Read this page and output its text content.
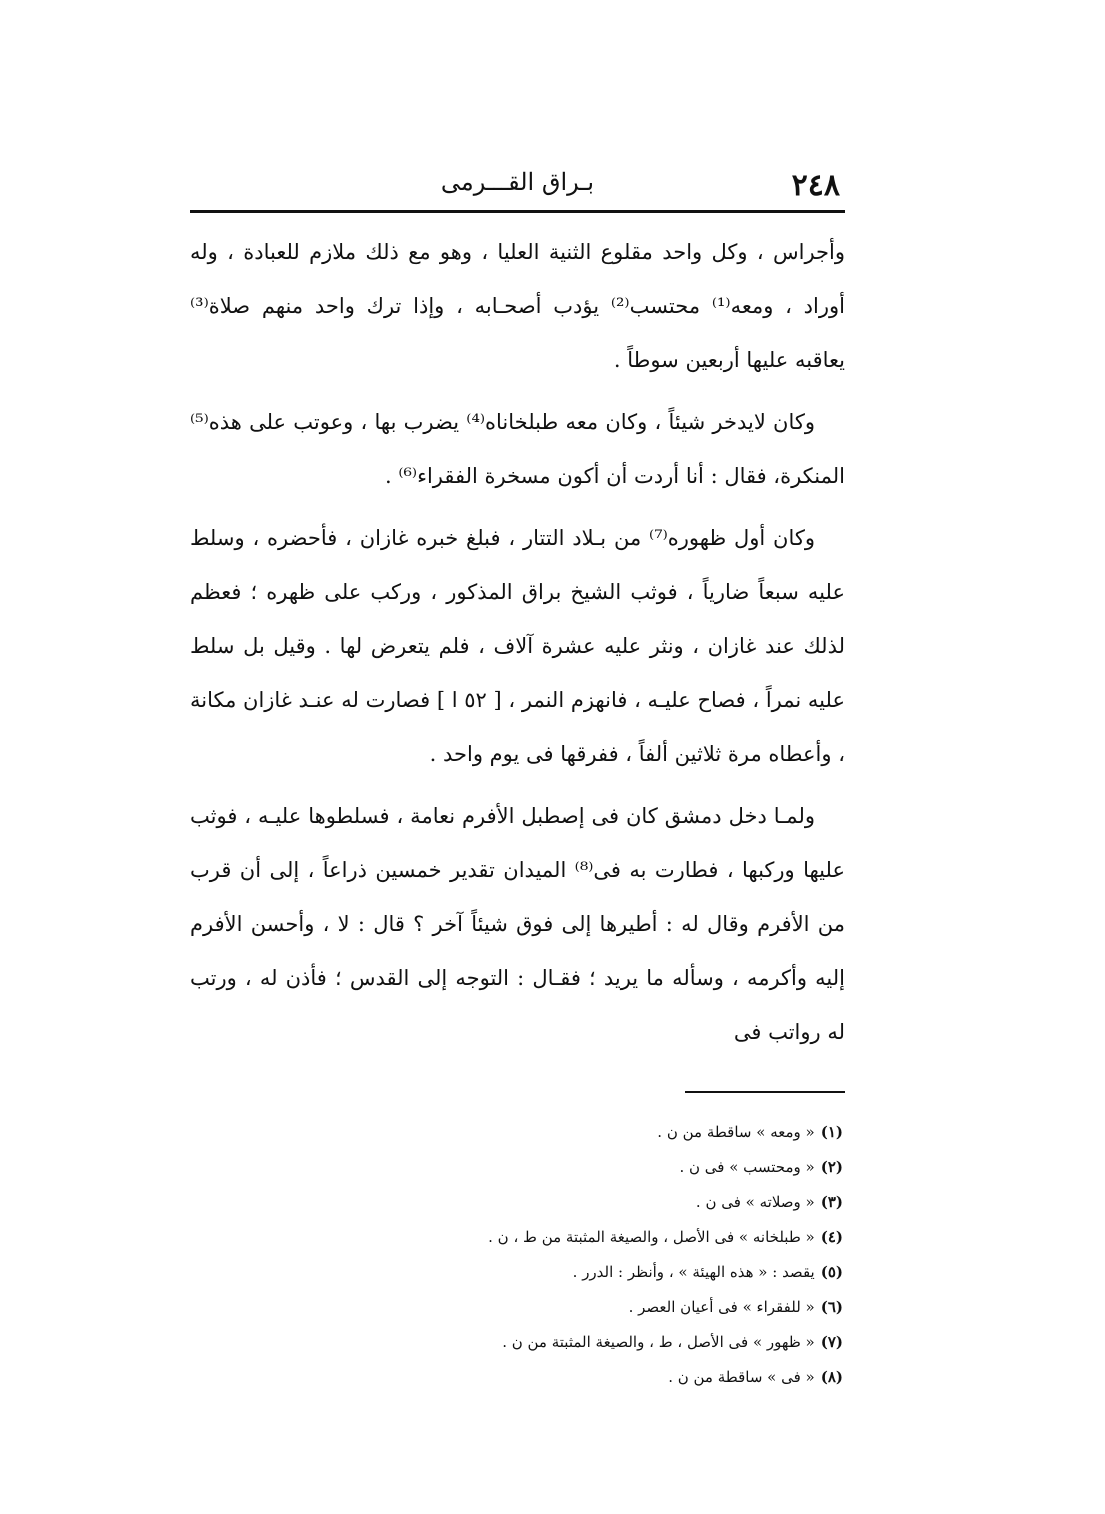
٢٤٨
بـراق القـــرمى

وأجراس ، وكل واحد مقلوع الثنية العليا ، وهو مع ذلك ملازم للعبادة ، وله أوراد ، ومعه⁽¹⁾ محتسب⁽²⁾ يؤدب أصحـابه ، وإذا ترك واحد منهم صلاة⁽³⁾ يعاقبه عليها أربعين سوطاً .

وكان لايدخر شيئاً ، وكان معه طبلخاناه⁽⁴⁾ يضرب بها ، وعوتب على هذه⁽⁵⁾ المنكرة، فقال : أنا أردت أن أكون مسخرة الفقراء⁽⁶⁾ .

وكان أول ظهوره⁽⁷⁾ من بـلاد التتار ، فبلغ خبره غازان ، فأحضره ، وسلط عليه سبعاً ضارياً ، فوثب الشيخ براق المذكور ، وركب على ظهره ؛ فعظم لذلك عند غازان ، ونثر عليه عشرة آلاف ، فلم يتعرض لها . وقيل بل سلط عليه نمراً ، فصاح عليـه ، فانهزم النمر ، [ ٥٢ ا ] فصارت له عنـد غازان مكانة ، وأعطاه مرة ثلاثين ألفاً ، ففرقها فى يوم واحد .

ولمـا دخل دمشق كان فى إصطبل الأفرم نعامة ، فسلطوها عليـه ، فوثب عليها وركبها ، فطارت به فى⁽⁸⁾ الميدان تقدير خمسين ذراعاً ، إلى أن قرب من الأفرم وقال له : أطيرها إلى فوق شيئاً آخر ؟ قال : لا ، وأحسن الأفرم إليه وأكرمه ، وسأله ما يريد ؛ فقـال : التوجه إلى القدس ؛ فأذن له ، ورتب له رواتب فى

(١)« ومعه » ساقطة من ن .
(٢)« ومحتسب » فى ن .
(٣)« وصلاته » فى ن .
(٤)« طبلخانه » فى الأصل ، والصيغة المثبتة من ط ، ن .
(٥)يقصد : « هذه الهيئة » ، وأنظر : الدرر .
(٦)« للفقراء » فى أعيان العصر .
(٧)« ظهور » فى الأصل ، ط ، والصيغة المثبتة من ن .
(٨)« فى » ساقطة من ن .
